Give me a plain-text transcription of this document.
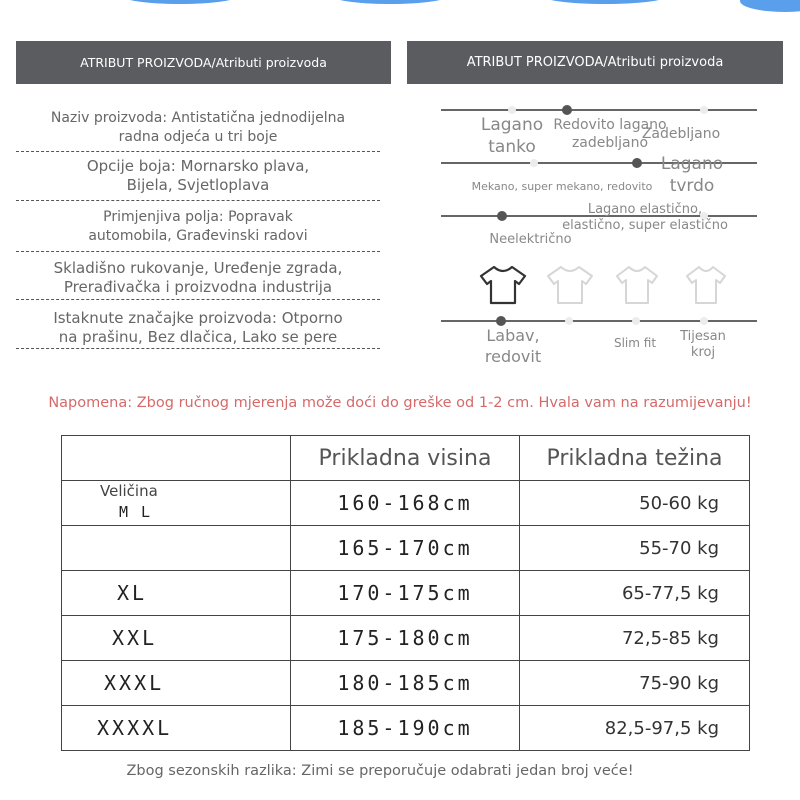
ATRIBUT PROIZVODA/Atributi proizvoda
Naziv proizvoda: Antistatična jednodijelna
radna odjeća u tri boje
Opcije boja: Mornarsko plava,
Bijela, Svjetloplava
Primjenjiva polja: Popravak
automobila, Građevinski radovi
Skladišno rukovanje, Uređenje zgrada,
Prerađivačka i proizvodna industrija
Istaknute značajke proizvoda: Otporno
na prašinu, Bez dlačica, Lako se pere
ATRIBUT PROIZVODA/Atributi proizvoda
Lagano
tanko
Redovito lagano
zadebljano
Zadebljano
Mekano, super mekano, redovito
Lagano
tvrdo
Lagano elastično,
elastično, super elastično
Neelektrično
Labav,
redovit
Slim fit	Tijesan
kroj
Napomena: Zbog ručnog mjerenja može doći do greške od 1-2 cm. Hvala vam na razumijevanju!
	Prikladna visina	Prikladna težina

Veličina
M L	160-168cm	50-60 kg
	165-170cm	55-70 kg
XL	170-175cm	65-77,5 kg
XXL	175-180cm	72,5-85 kg
XXXL	180-185cm	75-90 kg
XXXXL	185-190cm	82,5-97,5 kg
Zbog sezonskih razlika: Zimi se preporučuje odabrati jedan broj veće!
